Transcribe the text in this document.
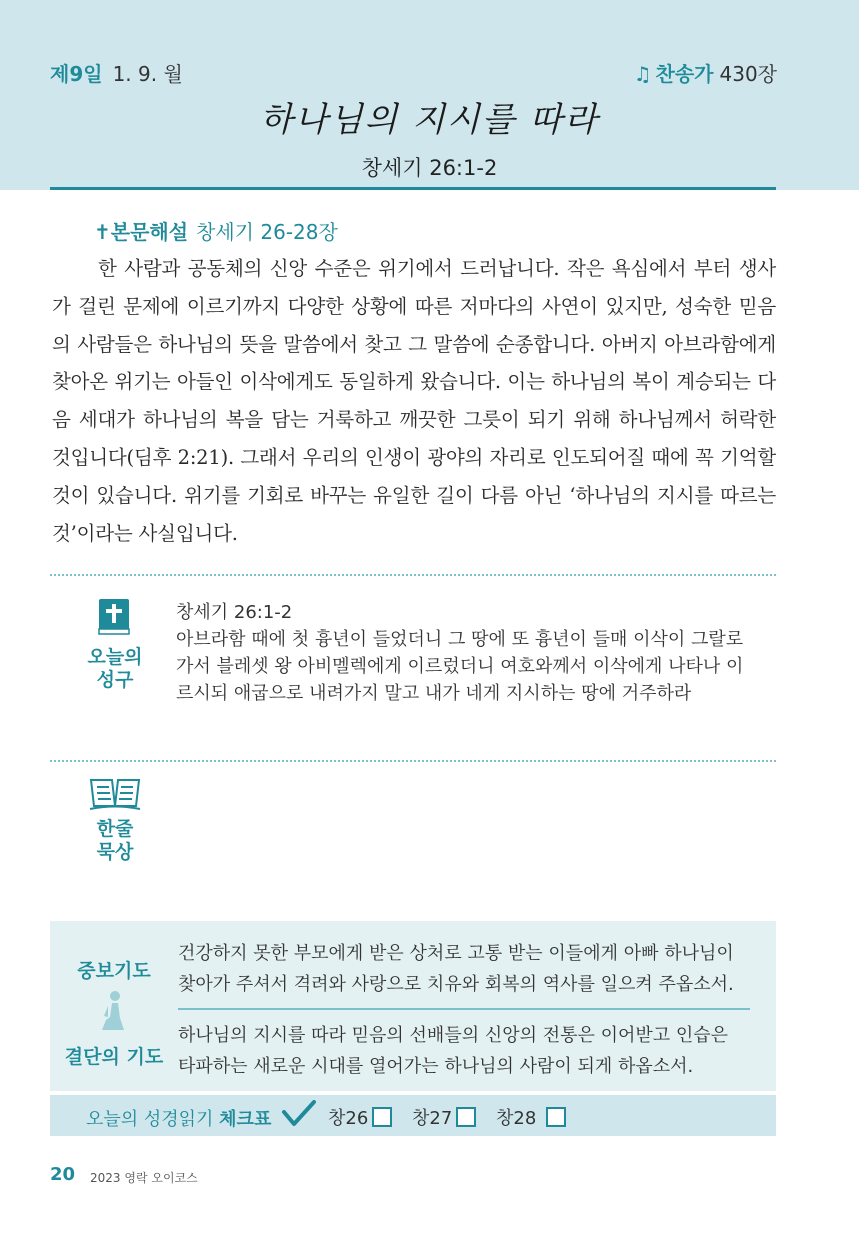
제9일 1. 9. 월	♫ 찬송가 430장
하나님의 지시를 따라
창세기 26:1-2
✝본문해설 창세기 26-28장

한 사람과 공동체의 신앙 수준은 위기에서 드러납니다. 작은 욕심에서 부터 생사가 걸린 문제에 이르기까지 다양한 상황에 따른 저마다의 사연이 있지만, 성숙한 믿음의 사람들은 하나님의 뜻을 말씀에서 찾고 그 말씀에 순종합니다. 아버지 아브라함에게 찾아온 위기는 아들인 이삭에게도 동일하게 왔습니다. 이는 하나님의 복이 계승되는 다음 세대가 하나님의 복을 담는 거룩하고 깨끗한 그릇이 되기 위해 하나님께서 허락한 것입니다(딤후 2:21). 그래서 우리의 인생이 광야의 자리로 인도되어질 때에 꼭 기억할 것이 있습니다. 위기를 기회로 바꾸는 유일한 길이 다름 아닌 ‘하나님의 지시를 따르는 것’이라는 사실입니다.

오늘의
성구
창세기 26:1-2

아브라함 때에 첫 흉년이 들었더니 그 땅에 또 흉년이 들매 이삭이 그랄로 가서 블레셋 왕 아비멜렉에게 이르렀더니 여호와께서 이삭에게 나타나 이르시되 애굽으로 내려가지 말고 내가 네게 지시하는 땅에 거주하라

한줄
묵상
중보기도
결단의 기도

건강하지 못한 부모에게 받은 상처로 고통 받는 이들에게 아빠 하나님이 찾아가 주셔서 격려와 사랑으로 치유와 회복의 역사를 일으켜 주옵소서.

하나님의 지시를 따라 믿음의 선배들의 신앙의 전통은 이어받고 인습은 타파하는 새로운 시대를 열어가는 하나님의 사람이 되게 하옵소서.

오늘의 성경읽기 체크표	창26 창27 창28
20 2023 영락 오이코스
